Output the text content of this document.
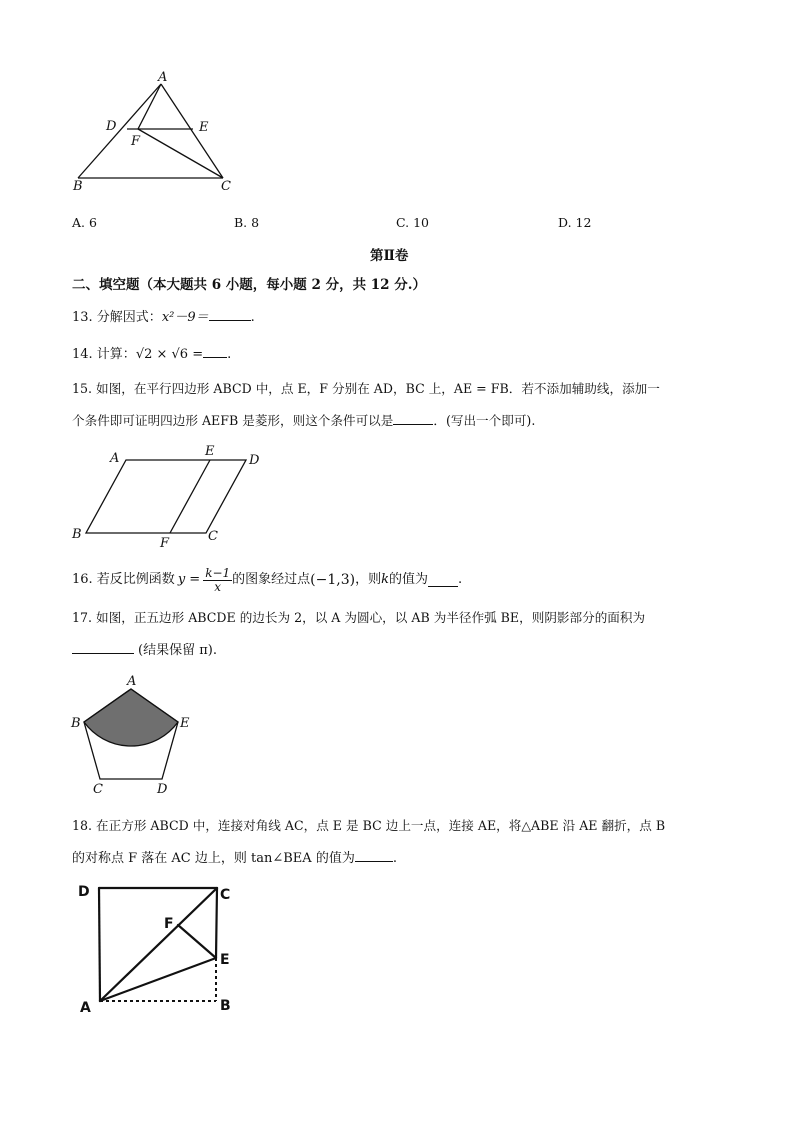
A
D	E
F
B	C
A. 6	B. 8	C. 10	D. 12
第Ⅱ卷
二、填空题（本大题共 6 小题，每小题 2 分，共 12 分.）
13. 分解因式：x²－9＝	.
14. 计算：√2 × √6 = .
15. 如图，在平行四边形 ABCD 中，点 E，F 分别在 AD，BC 上，AE = FB．若不添加辅助线，添加一
个条件即可证明四边形 AEFB 是菱形，则这个条件可以是	．(写出一个即可).
A	E
D
B
F	C
16. 若反比例函数 $y = \frac{k-1}{x}$ 的图象经过点 (−1,3) ，则 k 的值为 .
17. 如图，正五边形 ABCDE 的边长为 2，以 A 为圆心，以 AB 为半径作弧 BE，则阴影部分的面积为
(结果保留 π).
A
B	E
C	D
18. 在正方形 ABCD 中，连接对角线 AC，点 E 是 BC 边上一点，连接 AE，将△ABE 沿 AE 翻折，点 B
的对称点 F 落在 AC 边上，则 tan∠BEA 的值为	.
D	C
F
E
A	B
